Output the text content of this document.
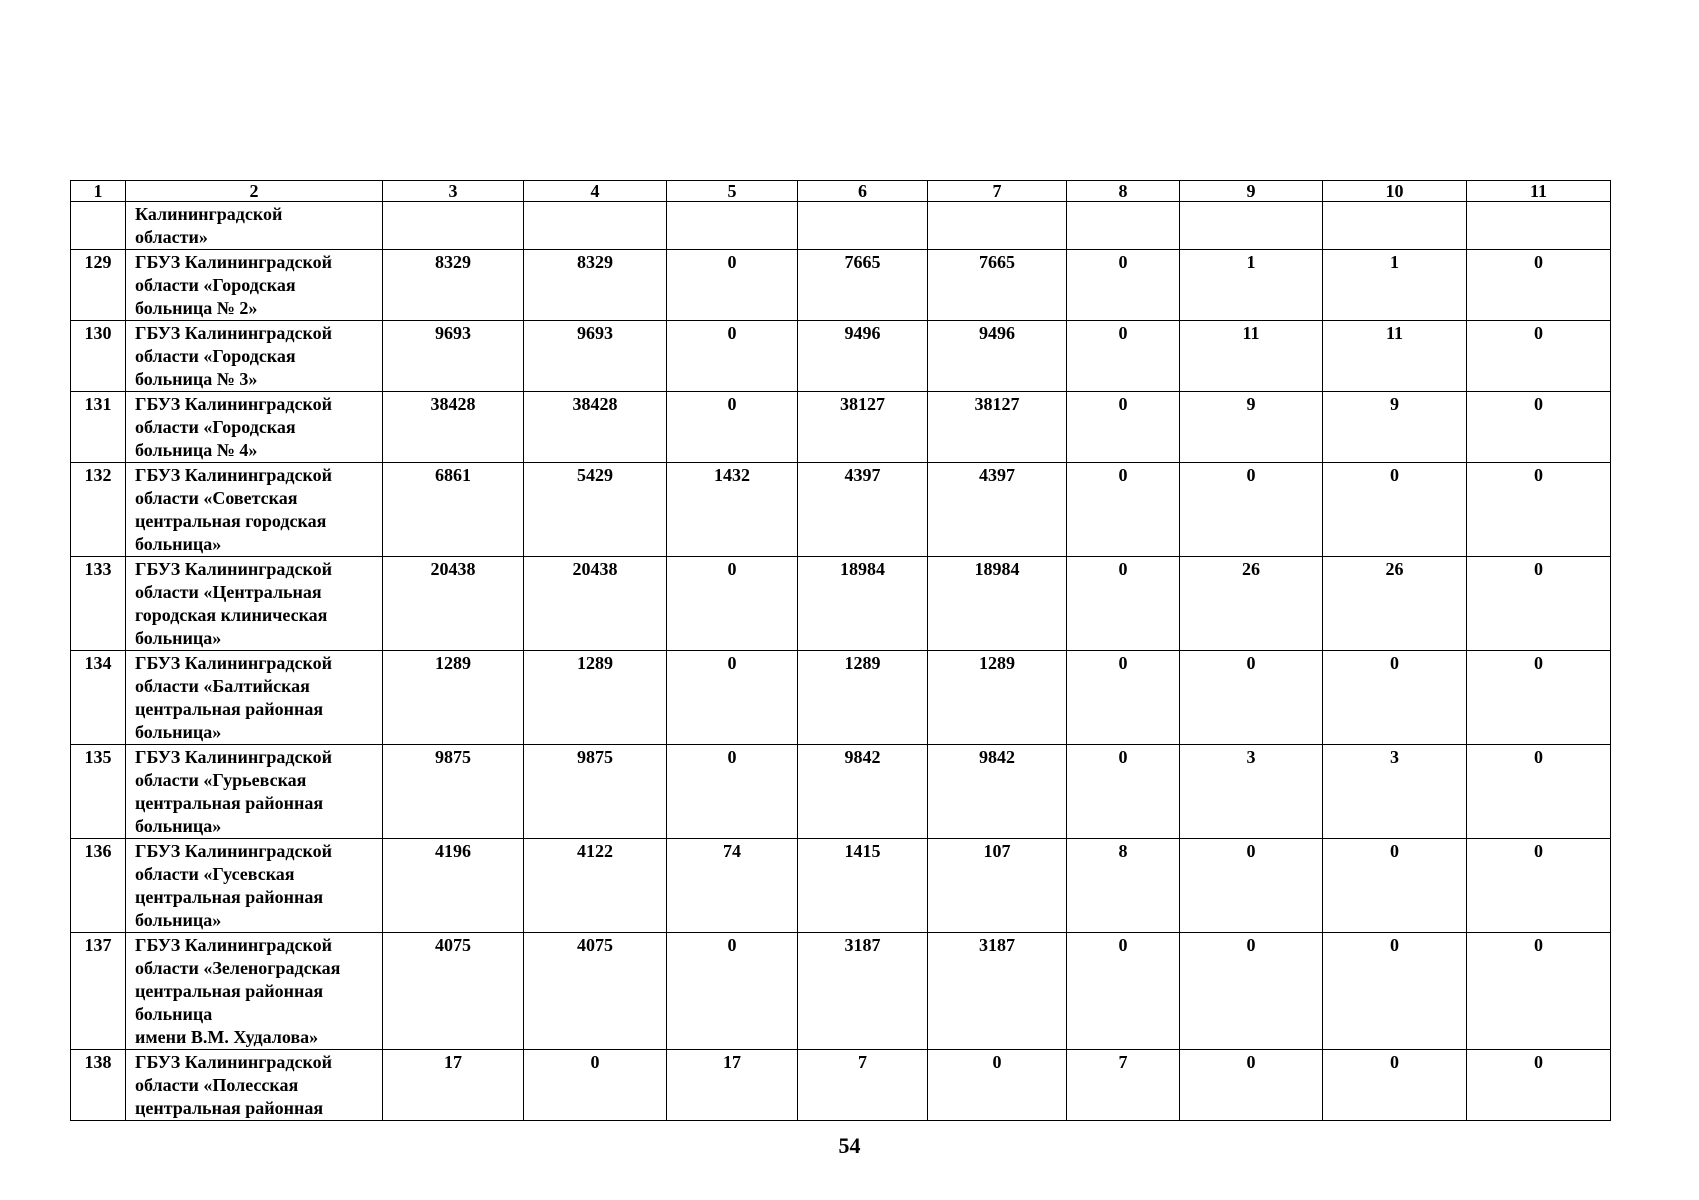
1	2	3	4	5	6	7	8	9	10	11

	Калининградской
области»									

129	ГБУЗ Калининградской
области «Городская
больница № 2»	8329	8329	0	7665	7665	0	1	1	0
130	ГБУЗ Калининградской
области «Городская
больница № 3»	9693	9693	0	9496	9496	0	11	11	0
131	ГБУЗ Калининградской
области «Городская
больница № 4»	38428	38428	0	38127	38127	0	9	9	0
132	ГБУЗ Калининградской
области «Советская
центральная городская
больница»	6861	5429	1432	4397	4397	0	0	0	0
133	ГБУЗ Калининградской
области «Центральная
городская клиническая
больница»	20438	20438	0	18984	18984	0	26	26	0
134	ГБУЗ Калининградской
области «Балтийская
центральная районная
больница»	1289	1289	0	1289	1289	0	0	0	0
135	ГБУЗ Калининградской
области «Гурьевская
центральная районная
больница»	9875	9875	0	9842	9842	0	3	3	0
136	ГБУЗ Калининградской
области «Гусевская
центральная районная
больница»	4196	4122	74	1415	107	8	0	0	0
137	ГБУЗ Калининградской
области «Зеленоградская
центральная районная
больница
имени В.М. Худалова»	4075	4075	0	3187	3187	0	0	0	0
138	ГБУЗ Калининградской
области «Полесская
центральная районная	17	0	17	7	0	7	0	0	0
54
